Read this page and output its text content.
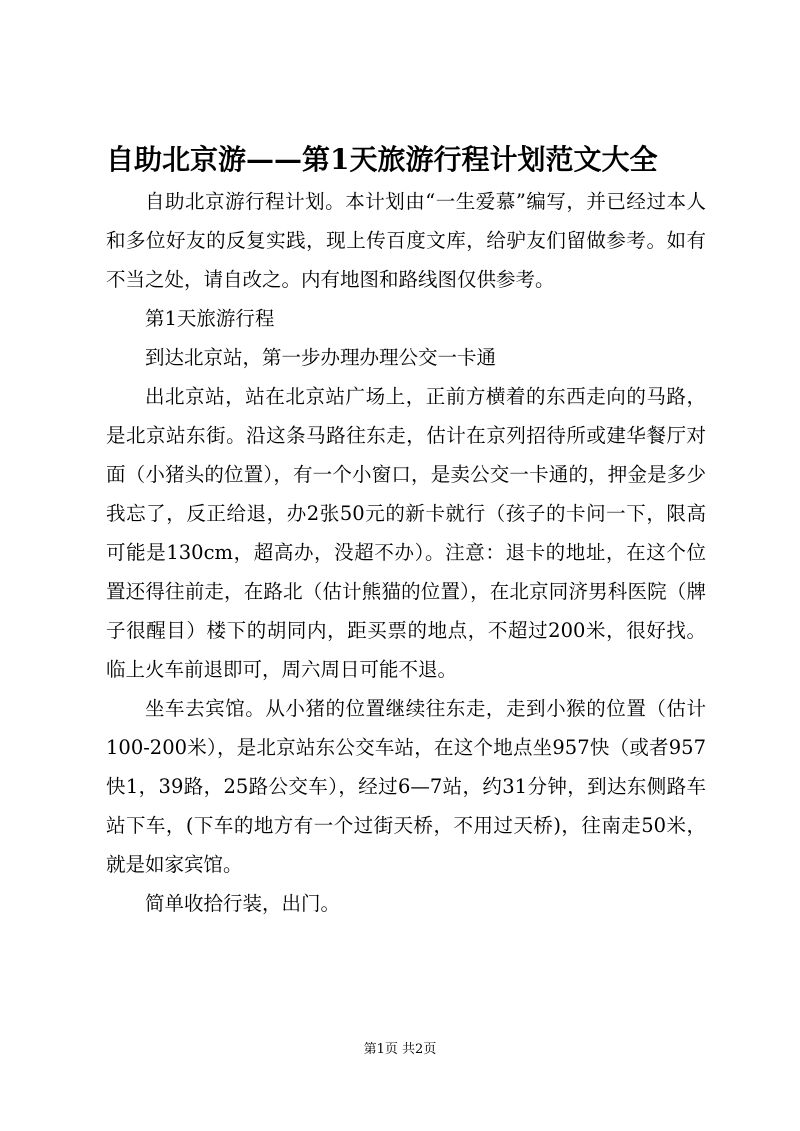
自助北京游——第1天旅游行程计划范文大全

自助北京游行程计划。本计划由“一生爱慕”编写，并已经过本人和多位好友的反复实践，现上传百度文库，给驴友们留做参考。如有不当之处，请自改之。内有地图和路线图仅供参考。

第1天旅游行程

到达北京站，第一步办理办理公交一卡通

出北京站，站在北京站广场上，正前方横着的东西走向的马路，是北京站东街。沿这条马路往东走，估计在京列招待所或建华餐厅对面（小猪头的位置），有一个小窗口，是卖公交一卡通的，押金是多少我忘了，反正给退，办2张50元的新卡就行（孩子的卡问一下，限高可能是130cm，超高办，没超不办）。注意：退卡的地址，在这个位置还得往前走，在路北（估计熊猫的位置），在北京同济男科医院（牌子很醒目）楼下的胡同内，距买票的地点，不超过200米，很好找。临上火车前退即可，周六周日可能不退。

坐车去宾馆。从小猪的位置继续往东走，走到小猴的位置（估计100-200米），是北京站东公交车站，在这个地点坐957快（或者957快1，39路，25路公交车），经过6—7站，约31分钟，到达东侧路车站下车，(下车的地方有一个过街天桥，不用过天桥)，往南走50米，就是如家宾馆。

简单收拾行装，出门。

第1页 共2页
